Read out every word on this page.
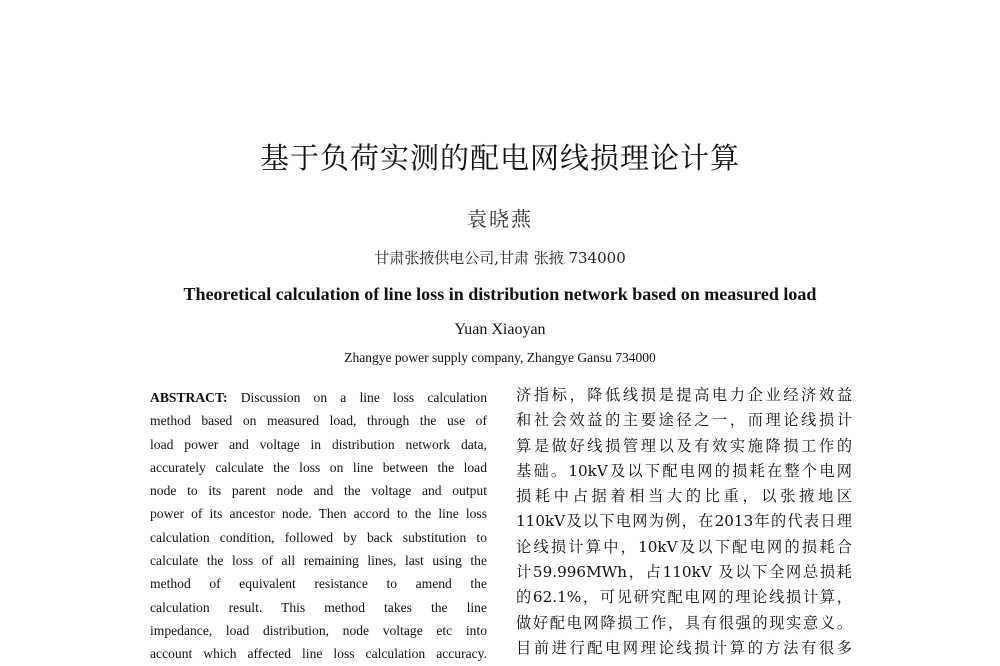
基于负荷实测的配电网线损理论计算
袁晓燕
甘肃张掖供电公司,甘肃 张掖 734000
Theoretical calculation of line loss in distribution network based on measured load
Yuan Xiaoyan
Zhangye power supply company, Zhangye Gansu 734000
ABSTRACT: Discussion on a line loss calculation
method based on measured load, through the use of
load power and voltage in distribution network data,
accurately calculate the loss on line between the load
node to its parent node and the voltage and output
power of its ancestor node. Then accord to the line loss
calculation condition, followed by back substitution to
calculate the loss of all remaining lines, last using the
method of equivalent resistance to amend the
calculation result. This method takes the line
impedance, load distribution, node voltage etc into
account which affected line loss calculation accuracy.
济指标，降低线损是提高电力企业经济效益
和社会效益的主要途径之一，而理论线损计
算是做好线损管理以及有效实施降损工作的
基础。10kV及以下配电网的损耗在整个电网
损耗中占据着相当大的比重，以张掖地区
110kV及以下电网为例，在2013年的代表日理
论线损计算中，10kV及以下配电网的损耗合
计59.996MWh，占110kV 及以下全网总损耗
的62.1%，可见研究配电网的理论线损计算，
做好配电网降损工作，具有很强的现实意义。
目前进行配电网理论线损计算的方法有很多
